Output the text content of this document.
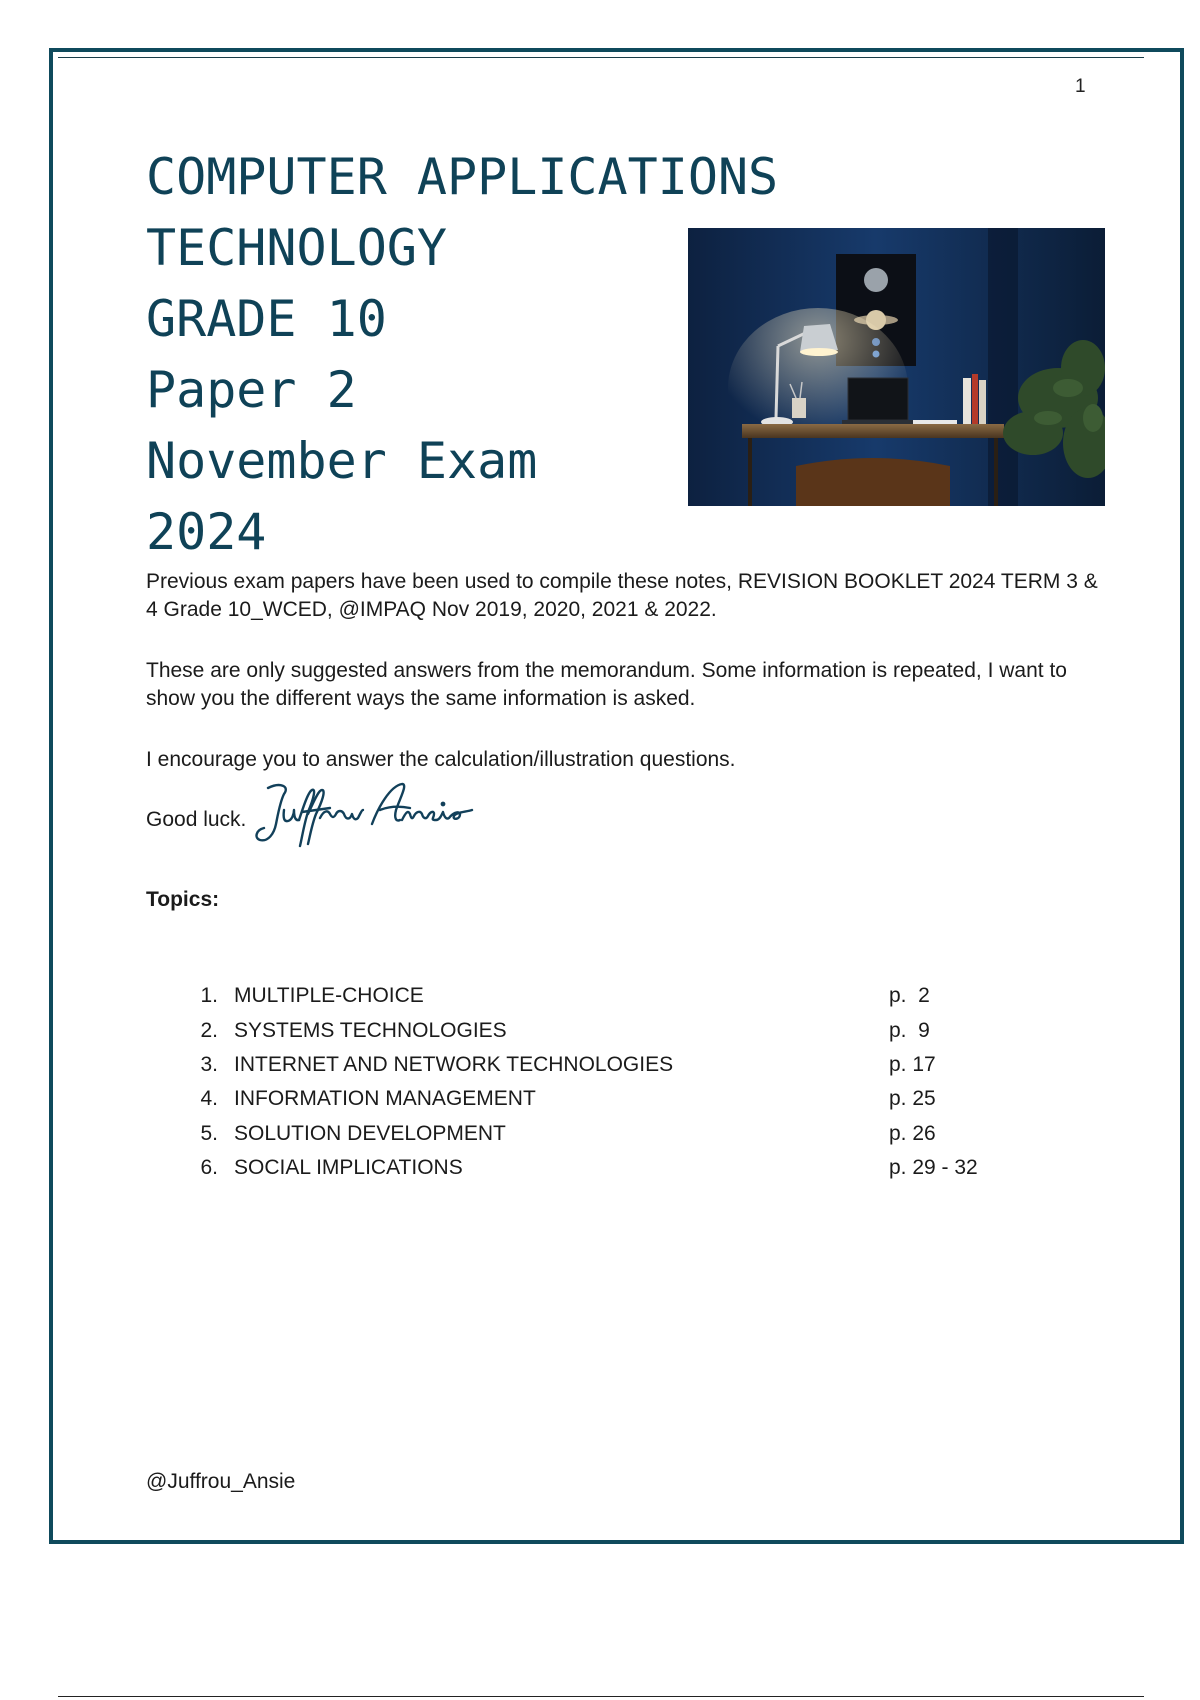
1
COMPUTER APPLICATIONS
TECHNOLOGY
GRADE 10
Paper 2
November Exam
2024

Previous exam papers have been used to compile these notes, REVISION BOOKLET 2024 TERM 3 & 4 Grade 10_WCED, @IMPAQ Nov 2019, 2020, 2021 & 2022.

These are only suggested answers from the memorandum. Some information is repeated, I want to show you the different ways the same information is asked.

I encourage you to answer the calculation/illustration questions.

Good luck.
Topics:
1. MULTIPLE-CHOICE	p.  2
2. SYSTEMS TECHNOLOGIES	p.  9
3. INTERNET AND NETWORK TECHNOLOGIES	p. 17
4. INFORMATION MANAGEMENT	p. 25
5. SOLUTION DEVELOPMENT	p. 26
6. SOCIAL IMPLICATIONS	p. 29 - 32
@Juffrou_Ansie
